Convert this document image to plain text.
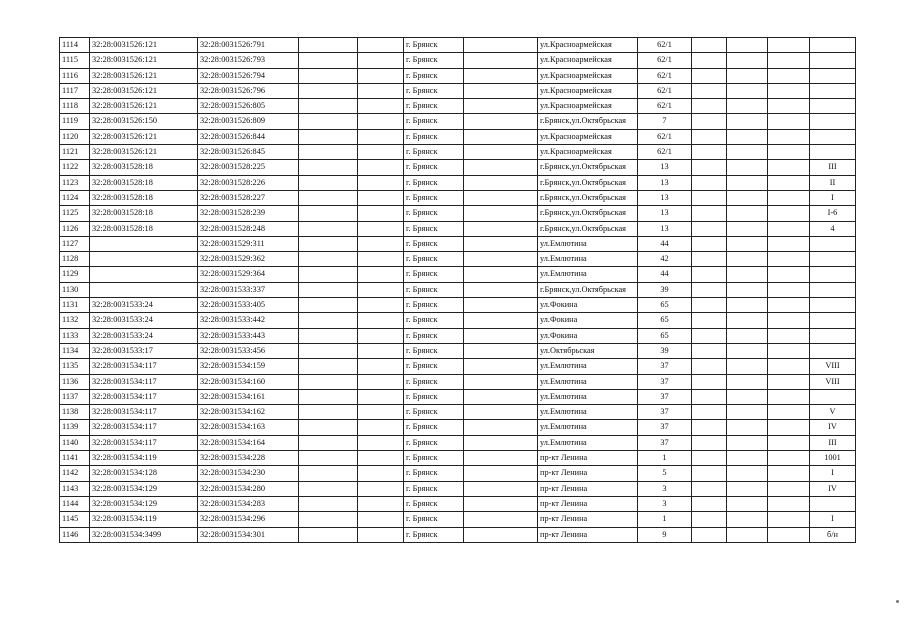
1114	32:28:0031526:121	32:28:0031526:791			г. Брянск		ул.Красноармейская	62/1				
1115	32:28:0031526:121	32:28:0031526:793			г. Брянск		ул.Красноармейская	62/1				
1116	32:28:0031526:121	32:28:0031526:794			г. Брянск		ул.Красноармейская	62/1				
1117	32:28:0031526:121	32:28:0031526:796			г. Брянск		ул.Красноармейская	62/1				
1118	32:28:0031526:121	32:28:0031526:805			г. Брянск		ул.Красноармейская	62/1				
1119	32:28:0031526:150	32:28:0031526:809			г. Брянск		г.Брянск,ул.Октябрьская	7				
1120	32:28:0031526:121	32:28:0031526:844			г. Брянск		ул.Красноармейская	62/1				
1121	32:28:0031526:121	32:28:0031526:845			г. Брянск		ул.Красноармейская	62/1				
1122	32:28:0031528:18	32:28:0031528:225			г. Брянск		г.Брянск,ул.Октябрьская	13				III
1123	32:28:0031528:18	32:28:0031528:226			г. Брянск		г.Брянск,ул.Октябрьская	13				II
1124	32:28:0031528:18	32:28:0031528:227			г. Брянск		г.Брянск,ул.Октябрьская	13				I
1125	32:28:0031528:18	32:28:0031528:239			г. Брянск		г.Брянск,ул.Октябрьская	13				I-6
1126	32:28:0031528:18	32:28:0031528:248			г. Брянск		г.Брянск,ул.Октябрьская	13				4
1127		32:28:0031529:311			г. Брянск		ул.Емлютина	44				
1128		32:28:0031529:362			г. Брянск		ул.Емлютина	42				
1129		32:28:0031529:364			г. Брянск		ул.Емлютина	44				
1130		32:28:0031533:337			г. Брянск		г.Брянск,ул.Октябрьская	39				
1131	32:28:0031533:24	32:28:0031533:405			г. Брянск		ул.Фокина	65				
1132	32:28:0031533:24	32:28:0031533:442			г. Брянск		ул.Фокина	65				
1133	32:28:0031533:24	32:28:0031533:443			г. Брянск		ул.Фокина	65				
1134	32:28:0031533:17	32:28:0031533:456			г. Брянск		ул.Октябрьская	39				
1135	32:28:0031534:117	32:28:0031534:159			г. Брянск		ул.Емлютина	37				VIII
1136	32:28:0031534:117	32:28:0031534:160			г. Брянск		ул.Емлютина	37				VIII
1137	32:28:0031534:117	32:28:0031534:161			г. Брянск		ул.Емлютина	37				
1138	32:28:0031534:117	32:28:0031534:162			г. Брянск		ул.Емлютина	37				V
1139	32:28:0031534:117	32:28:0031534:163			г. Брянск		ул.Емлютина	37				IV
1140	32:28:0031534:117	32:28:0031534:164			г. Брянск		ул.Емлютина	37				III
1141	32:28:0031534:119	32:28:0031534:228			г. Брянск		пр-кт Ленина	1				1001
1142	32:28:0031534:128	32:28:0031534:230			г. Брянск		пр-кт Ленина	5				I
1143	32:28:0031534:129	32:28:0031534:280			г. Брянск		пр-кт Ленина	3				IV
1144	32:28:0031534:129	32:28:0031534:283			г. Брянск		пр-кт Ленина	3				
1145	32:28:0031534:119	32:28:0031534:296			г. Брянск		пр-кт Ленина	1				I
1146	32:28:0031534:3499	32:28:0031534:301			г. Брянск		пр-кт Ленина	9				б/н
